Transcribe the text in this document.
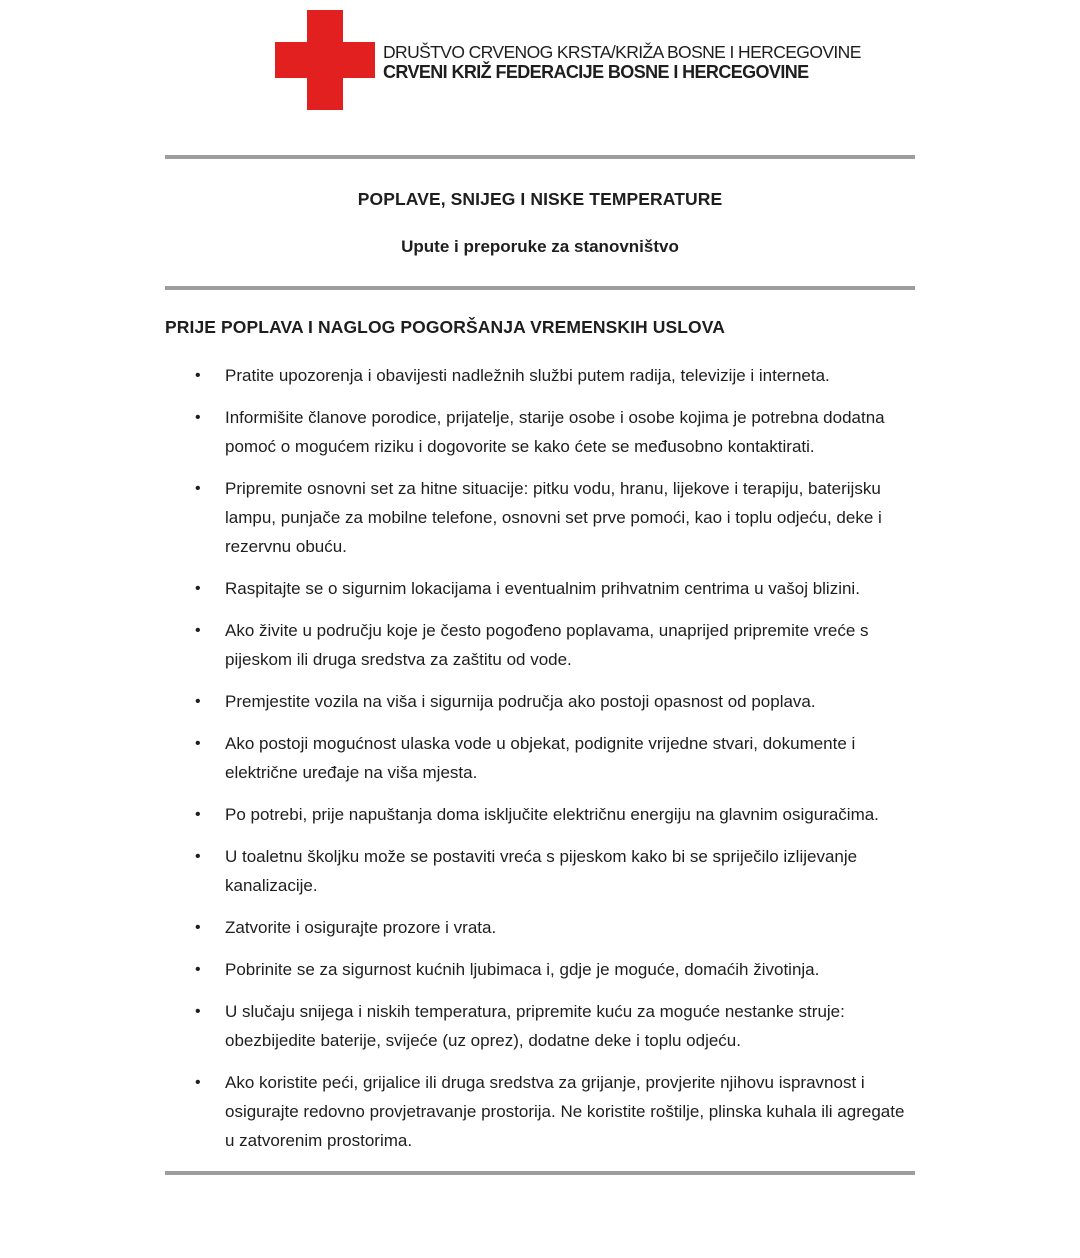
DRUŠTVO CRVENOG KRSTA/KRIŽA BOSNE I HERCEGOVINE
CRVENI KRIŽ FEDERACIJE BOSNE I HERCEGOVINE
POPLAVE, SNIJEG I NISKE TEMPERATURE
Upute i preporuke za stanovništvo
PRIJE POPLAVA I NAGLOG POGORŠANJA VREMENSKIH USLOVA
• Pratite upozorenja i obavijesti nadležnih službi putem radija, televizije i interneta.
• Informišite članove porodice, prijatelje, starije osobe i osobe kojima je potrebna dodatna pomoć o mogućem riziku i dogovorite se kako ćete se međusobno kontaktirati.
• Pripremite osnovni set za hitne situacije: pitku vodu, hranu, lijekove i terapiju, baterijsku lampu, punjače za mobilne telefone, osnovni set prve pomoći, kao i toplu odjeću, deke i rezervnu obuću.
• Raspitajte se o sigurnim lokacijama i eventualnim prihvatnim centrima u vašoj blizini.
• Ako živite u području koje je često pogođeno poplavama, unaprijed pripremite vreće s pijeskom ili druga sredstva za zaštitu od vode.
• Premjestite vozila na viša i sigurnija područja ako postoji opasnost od poplava.
• Ako postoji mogućnost ulaska vode u objekat, podignite vrijedne stvari, dokumente i električne uređaje na viša mjesta.
• Po potrebi, prije napuštanja doma isključite električnu energiju na glavnim osiguračima.
• U toaletnu školjku može se postaviti vreća s pijeskom kako bi se spriječilo izlijevanje kanalizacije.
• Zatvorite i osigurajte prozore i vrata.
• Pobrinite se za sigurnost kućnih ljubimaca i, gdje je moguće, domaćih životinja.
• U slučaju snijega i niskih temperatura, pripremite kuću za moguće nestanke struje: obezbijedite baterije, svijeće (uz oprez), dodatne deke i toplu odjeću.
• Ako koristite peći, grijalice ili druga sredstva za grijanje, provjerite njihovu ispravnost i osigurajte redovno provjetravanje prostorija. Ne koristite roštilje, plinska kuhala ili agregate u zatvorenim prostorima.
